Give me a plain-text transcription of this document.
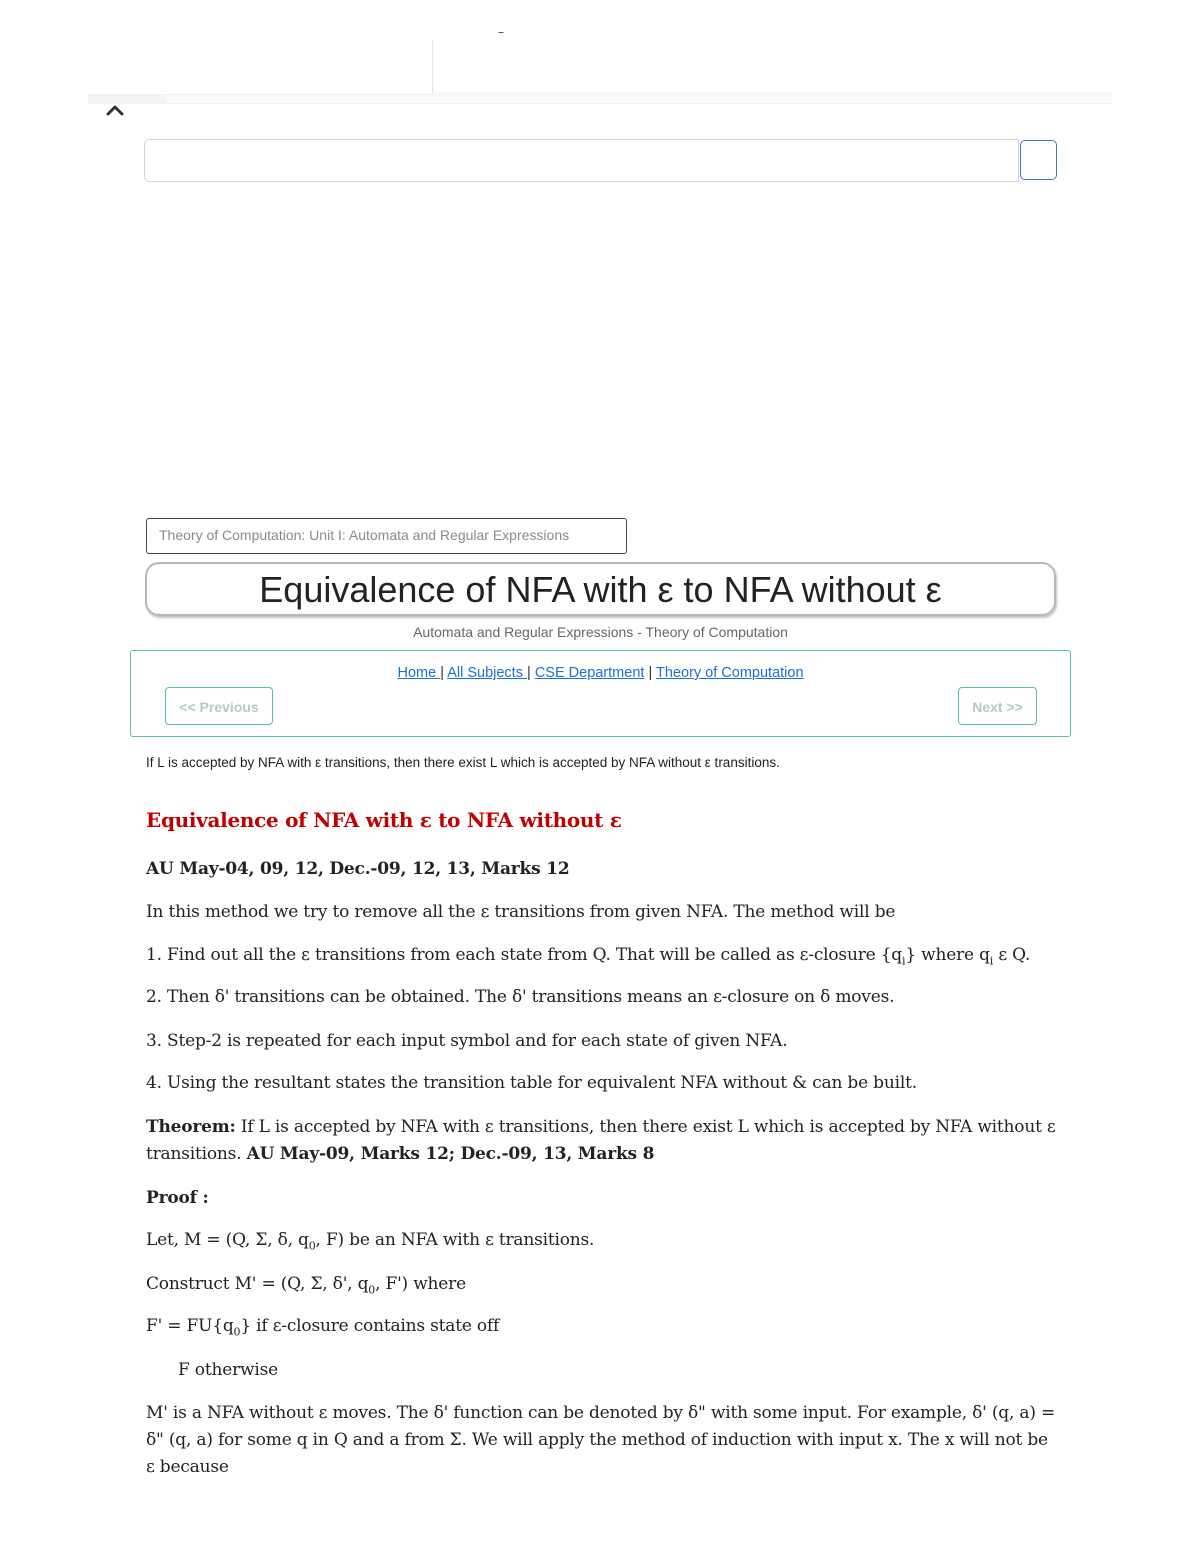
–
Theory of Computation: Unit I: Automata and Regular Expressions
Equivalence of NFA with ε to NFA without ε
Automata and Regular Expressions - Theory of Computation
Home | All Subjects | CSE Department | Theory of Computation
<< Previous	Next >>
If L is accepted by NFA with ε transitions, then there exist L which is accepted by NFA without ε transitions.
Equivalence of NFA with ε to NFA without ε

AU May-04, 09, 12, Dec.-09, 12, 13, Marks 12

In this method we try to remove all the ε transitions from given NFA. The method will be

1. Find out all the ε transitions from each state from Q. That will be called as ε-closure $\{q_i\}$ where $q_i$ ε Q.

2. Then δ' transitions can be obtained. The δ' transitions means an ε-closure on δ moves.

3. Step-2 is repeated for each input symbol and for each state of given NFA.

4. Using the resultant states the transition table for equivalent NFA without & can be built.

Theorem: If L is accepted by NFA with ε transitions, then there exist L which is accepted by NFA without ε transitions. AU May-09, Marks 12; Dec.-09, 13, Marks 8

Proof :

Let, M = (Q, Σ, δ, $q_0$, F) be an NFA with ε transitions.

Construct M' = (Q, Σ, δ', $q_0$, F') where

$F' = FU\{q_0\}$ if ε-closure contains state off

F otherwise

M' is a NFA without ε moves. The δ' function can be denoted by δ" with some input. For example, δ' (q, a) = δ" (q, a) for some q in Q and a from Σ. We will apply the method of induction with input x. The x will not be ε because
